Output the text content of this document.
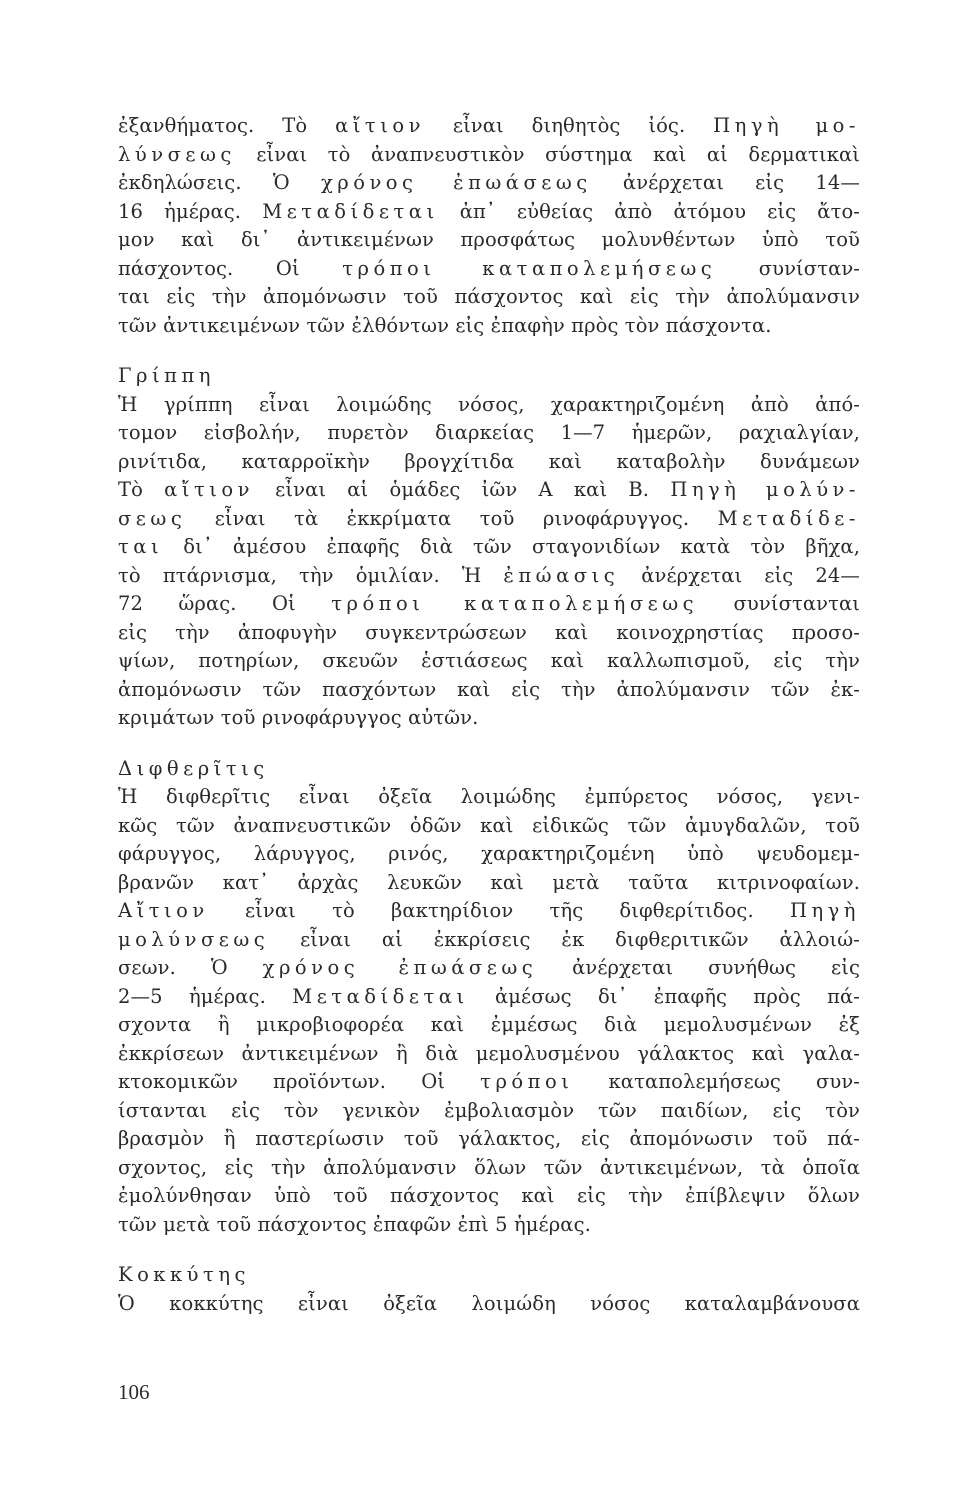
ἐξανθήματος. Τὸ αἴτιον εἶναι διηθητὸς ἰός. Πηγὴ μο-
λύνσεως εἶναι τὸ ἀναπνευστικὸν σύστημα καὶ αἱ δερματικαὶ
ἐκδηλώσεις. Ὁ χρόνος ἐπωάσεως ἀνέρχεται εἰς 14—
16 ἡμέρας. Μεταδίδεται ἀπ᾽ εὐθείας ἀπὸ ἀτόμου εἰς ἄτο-
μον καὶ δι᾽ ἀντικειμένων προσφάτως μολυνθέντων ὑπὸ τοῦ
πάσχοντος. Οἱ τρόποι καταπολεμήσεως συνίσταν-
ται εἰς τὴν ἀπομόνωσιν τοῦ πάσχοντος καὶ εἰς τὴν ἀπολύμανσιν
τῶν ἀντικειμένων τῶν ἐλθόντων εἰς ἐπαφὴν πρὸς τὸν πάσχοντα.
Γρίππη
Ἡ γρίππη εἶναι λοιμώδης νόσος, χαρακτηριζομένη ἀπὸ ἀπό-
τομον εἰσβολήν, πυρετὸν διαρκείας 1—7 ἡμερῶν, ραχιαλγίαν,
ρινίτιδα, καταρροϊκὴν βρογχίτιδα καὶ καταβολὴν δυνάμεων
Τὸ αἴτιον εἶναι αἱ ὁμάδες ἰῶν Α καὶ Β. Πηγὴ μολύν-
σεως εἶναι τὰ ἐκκρίματα τοῦ ρινοφάρυγγος. Μεταδίδε-
ται δι᾽ ἀμέσου ἐπαφῆς διὰ τῶν σταγονιδίων κατὰ τὸν βῆχα,
τὸ πτάρνισμα, τὴν ὁμιλίαν. Ἡ ἐπώασις ἀνέρχεται εἰς 24—
72 ὥρας. Οἱ τρόποι καταπολεμήσεως συνίστανται
εἰς τὴν ἀποφυγὴν συγκεντρώσεων καὶ κοινοχρηστίας προσο-
ψίων, ποτηρίων, σκευῶν ἑστιάσεως καὶ καλλωπισμοῦ, εἰς τὴν
ἀπομόνωσιν τῶν πασχόντων καὶ εἰς τὴν ἀπολύμανσιν τῶν ἐκ-
κριμάτων τοῦ ρινοφάρυγγος αὐτῶν.
Διφθερῖτις
Ἡ διφθερῖτις εἶναι ὀξεῖα λοιμώδης ἐμπύρετος νόσος, γενι-
κῶς τῶν ἀναπνευστικῶν ὁδῶν καὶ εἰδικῶς τῶν ἀμυγδαλῶν, τοῦ
φάρυγγος, λάρυγγος, ρινός, χαρακτηριζομένη ὑπὸ ψευδομεμ-
βρανῶν κατ᾽ ἀρχὰς λευκῶν καὶ μετὰ ταῦτα κιτρινοφαίων.
Αἴτιον εἶναι τὸ βακτηρίδιον τῆς διφθερίτιδος. Πηγὴ
μολύνσεως εἶναι αἱ ἐκκρίσεις ἐκ διφθεριτικῶν ἀλλοιώ-
σεων. Ὁ χρόνος ἐπωάσεως ἀνέρχεται συνήθως εἰς
2—5 ἡμέρας. Μεταδίδεται ἀμέσως δι᾽ ἐπαφῆς πρὸς πά-
σχοντα ἢ μικροβιοφορέα καὶ ἐμμέσως διὰ μεμολυσμένων ἐξ
ἐκκρίσεων ἀντικειμένων ἢ διὰ μεμολυσμένου γάλακτος καὶ γαλα-
κτοκομικῶν προϊόντων. Οἱ τρόποι καταπολεμήσεως συν-
ίστανται εἰς τὸν γενικὸν ἐμβολιασμὸν τῶν παιδίων, εἰς τὸν
βρασμὸν ἢ παστερίωσιν τοῦ γάλακτος, εἰς ἀπομόνωσιν τοῦ πά-
σχοντος, εἰς τὴν ἀπολύμανσιν ὅλων τῶν ἀντικειμένων, τὰ ὁποῖα
ἐμολύνθησαν ὑπὸ τοῦ πάσχοντος καὶ εἰς τὴν ἐπίβλεψιν ὅλων
τῶν μετὰ τοῦ πάσχοντος ἐπαφῶν ἐπὶ 5 ἡμέρας.
Κοκκύτης
Ὁ κοκκύτης εἶναι ὀξεῖα λοιμώδη νόσος καταλαμβάνουσα
106
